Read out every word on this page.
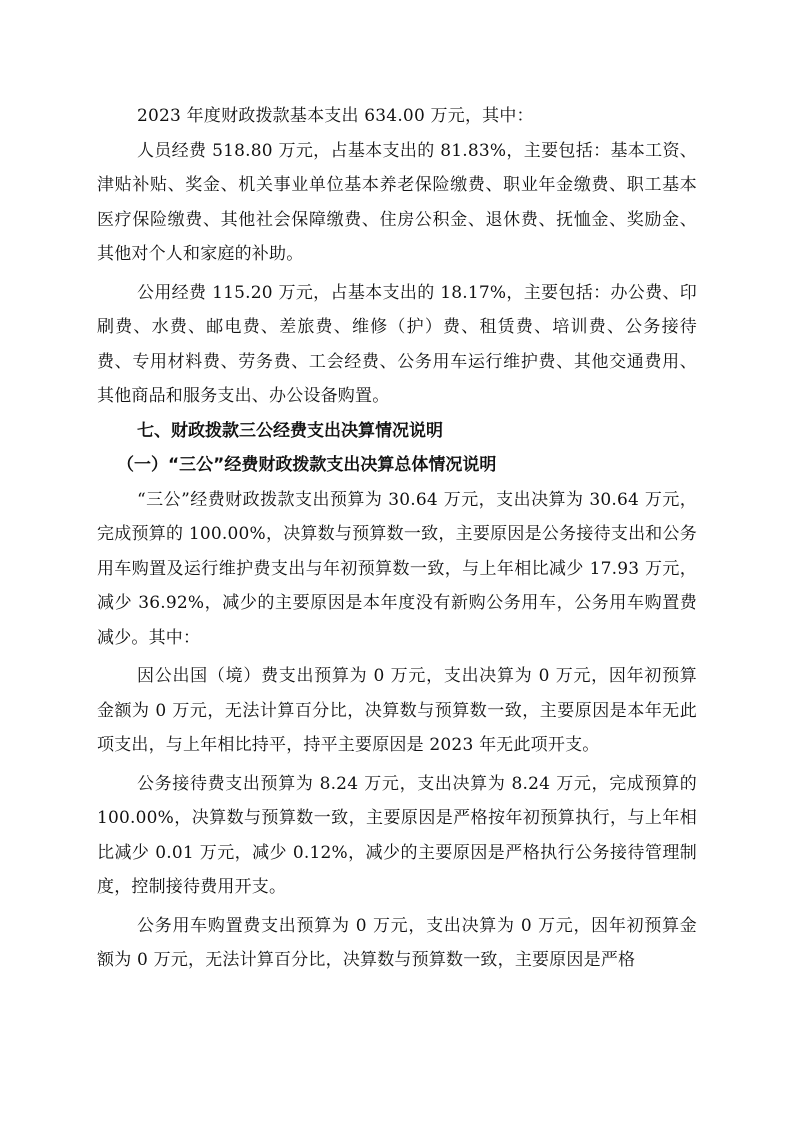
2023 年度财政拨款基本支出 634.00 万元，其中：

人员经费 518.80 万元，占基本支出的 81.83%，主要包括：基本工资、津贴补贴、奖金、机关事业单位基本养老保险缴费、职业年金缴费、职工基本医疗保险缴费、其他社会保障缴费、住房公积金、退休费、抚恤金、奖励金、其他对个人和家庭的补助。

公用经费 115.20 万元，占基本支出的 18.17%，主要包括：办公费、印刷费、水费、邮电费、差旅费、维修（护）费、租赁费、培训费、公务接待费、专用材料费、劳务费、工会经费、公务用车运行维护费、其他交通费用、其他商品和服务支出、办公设备购置。

七、财政拨款三公经费支出决算情况说明

（一）“三公”经费财政拨款支出决算总体情况说明

“三公”经费财政拨款支出预算为 30.64 万元，支出决算为 30.64 万元，完成预算的 100.00%，决算数与预算数一致，主要原因是公务接待支出和公务用车购置及运行维护费支出与年初预算数一致，与上年相比减少 17.93 万元，减少 36.92%，减少的主要原因是本年度没有新购公务用车，公务用车购置费减少。其中：

因公出国（境）费支出预算为 0 万元，支出决算为 0 万元，因年初预算金额为 0 万元，无法计算百分比，决算数与预算数一致，主要原因是本年无此项支出，与上年相比持平，持平主要原因是 2023 年无此项开支。

公务接待费支出预算为 8.24 万元，支出决算为 8.24 万元，完成预算的 100.00%，决算数与预算数一致，主要原因是严格按年初预算执行，与上年相比减少 0.01 万元，减少 0.12%，减少的主要原因是严格执行公务接待管理制度，控制接待费用开支。

公务用车购置费支出预算为 0 万元，支出决算为 0 万元，因年初预算金额为 0 万元，无法计算百分比，决算数与预算数一致，主要原因是严格
